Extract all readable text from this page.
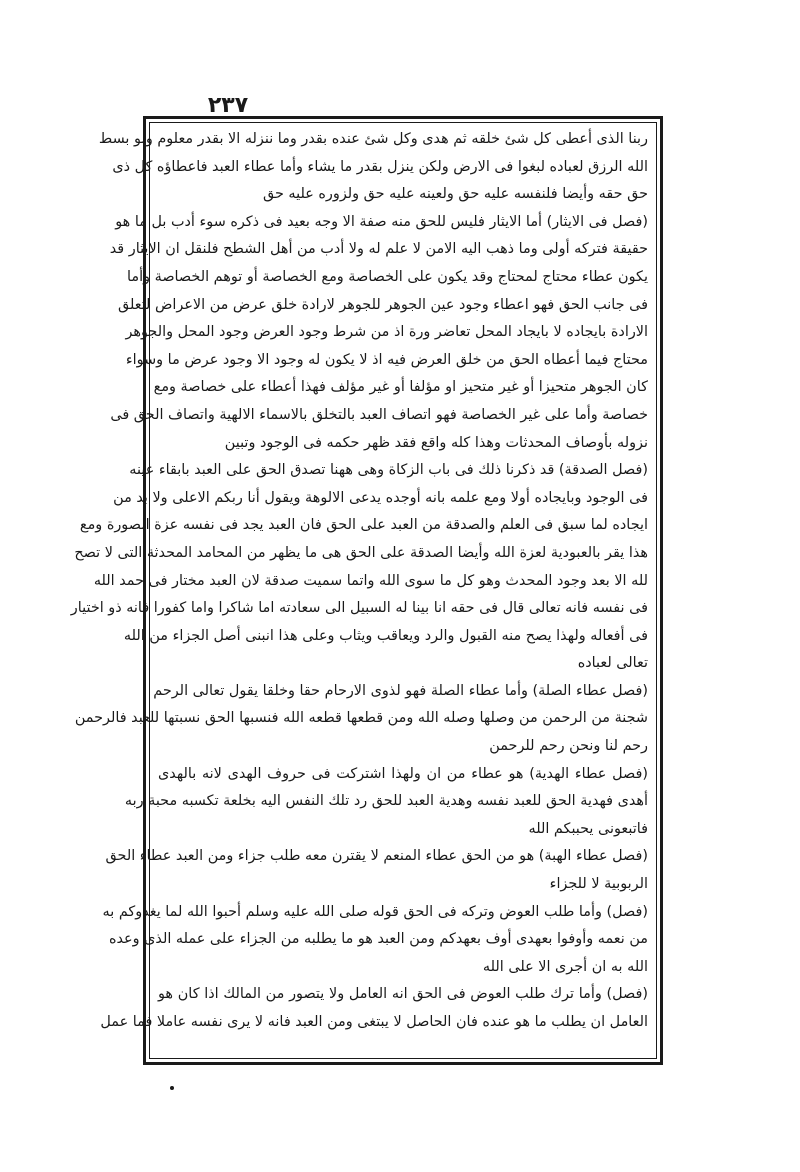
٢٣٧
ربنا الذى أعطى كل شئ خلقه ثم هدى وكل شئ عنده بقدر وما ننزله الا بقدر معلوم ولو بسط
الله الرزق لعباده لبغوا فى الارض ولكن ينزل بقدر ما يشاء وأما عطاء العبد فاعطاؤه كل ذى
حق حقه وأيضا فلنفسه عليه حق ولعينه عليه حق ولزوره عليه حق
(فصل فى الايثار) أما الايثار فليس للحق منه صفة الا وجه بعيد فى ذكره سوء أدب بل ما هو
حقيقة فتركه أولى وما ذهب اليه الامن لا علم له ولا أدب من أهل الشطح فلنقل ان الايثار قد
يكون عطاء محتاج لمحتاج وقد يكون على الخصاصة ومع الخصاصة أو توهم الخصاصة وأما
فى جانب الحق فهو اعطاء وجود عين الجوهر للجوهر لارادة خلق عرض من الاعراض لتعلق
الارادة بايجاده لا بايجاد المحل تعاضر ورة اذ من شرط وجود العرض وجود المحل والجوهر
محتاج فيما أعطاه الحق من خلق العرض فيه اذ لا يكون له وجود الا وجود عرض ما وسواء
كان الجوهر متحيزا أو غير متحيز او مؤلفا أو غير مؤلف فهذا أعطاء على خصاصة ومع
خصاصة وأما على غير الخصاصة فهو اتصاف العبد بالتخلق بالاسماء الالهية واتصاف الحق فى
نزوله بأوصاف المحدثات وهذا كله واقع فقد ظهر حكمه فى الوجود وتبين
(فصل الصدقة) قد ذكرنا ذلك فى باب الزكاة وهى ههنا تصدق الحق على العبد بابقاء عينه
فى الوجود وبايجاده أولا ومع علمه بانه أوجده يدعى الالوهة ويقول أنا ربكم الاعلى ولا بد من
ايجاده لما سبق فى العلم والصدقة من العبد على الحق فان العبد يجد فى نفسه عزة الصورة ومع
هذا يقر بالعبودية لعزة الله وأيضا الصدقة على الحق هى ما يظهر من المحامد المحدثة التى لا تصح
لله الا بعد وجود المحدث وهو كل ما سوى الله واتما سميت صدقة لان العبد مختار فى حمد الله
فى نفسه فانه تعالى قال فى حقه انا بينا له السبيل الى سعادته اما شاكرا واما كفورا فانه ذو اختيار
فى أفعاله ولهذا يصح منه القبول والرد ويعاقب ويثاب وعلى هذا انبنى أصل الجزاء من الله
تعالى لعباده
(فصل عطاء الصلة) وأما عطاء الصلة فهو لذوى الارحام حقا وخلقا يقول تعالى الرحم
شجنة من الرحمن من وصلها وصله الله ومن قطعها قطعه الله فنسبها الحق نسبتها للعبد فالرحمن
رحم لنا ونحن رحم للرحمن
(فصل عطاء الهدية) هو عطاء من ان ولهذا اشتركت فى حروف الهدى لانه بالهدى
أهدى فهدية الحق للعبد نفسه وهدية العبد للحق رد تلك النفس اليه بخلعة تكسبه محبة ربه
فاتبعونى يحببكم الله
(فصل عطاء الهبة) هو من الحق عطاء المنعم لا يقترن معه طلب جزاء ومن العبد عطاء الحق
الربوبية لا للجزاء
(فصل) وأما طلب العوض وتركه فى الحق قوله صلى الله عليه وسلم أحبوا الله لما يغذوكم به
من نعمه وأوفوا بعهدى أوف بعهدكم ومن العبد هو ما يطلبه من الجزاء على عمله الذى وعده
الله به ان أجرى الا على الله
(فصل) وأما ترك طلب العوض فى الحق انه العامل ولا يتصور من المالك اذا كان هو
العامل ان يطلب ما هو عنده فان الحاصل لا يبتغى ومن العبد فانه لا يرى نفسه عاملا فما عمل
